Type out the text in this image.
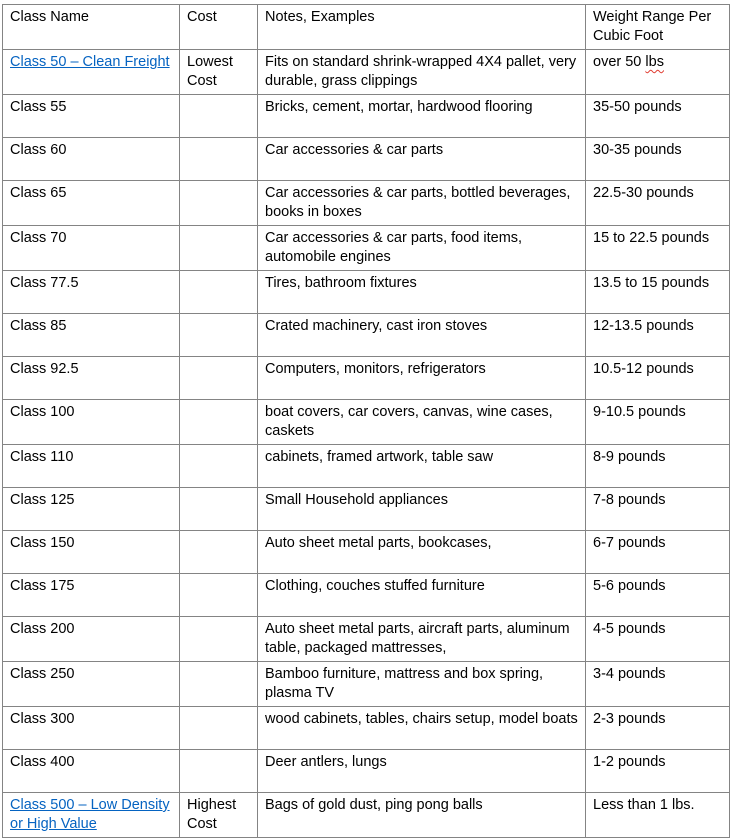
Class Name	Cost	Notes, Examples	Weight Range Per Cubic Foot
Class 50 – Clean Freight	Lowest Cost	Fits on standard shrink-wrapped 4X4 pallet, very durable, grass clippings	over 50 lbs
Class 55		Bricks, cement, mortar, hardwood flooring	35-50 pounds
Class 60		Car accessories & car parts	30-35 pounds
Class 65		Car accessories & car parts, bottled beverages, books in boxes	22.5-30 pounds
Class 70		Car accessories & car parts, food items, automobile engines	15 to 22.5 pounds
Class 77.5		Tires, bathroom fixtures	13.5 to 15 pounds
Class 85		Crated machinery, cast iron stoves	12-13.5 pounds
Class 92.5		Computers, monitors, refrigerators	10.5-12 pounds
Class 100		boat covers, car covers, canvas, wine cases, caskets	9-10.5 pounds
Class 110		cabinets, framed artwork, table saw	8-9 pounds
Class 125		Small Household appliances	7-8 pounds
Class 150		Auto sheet metal parts, bookcases,	6-7 pounds
Class 175		Clothing, couches stuffed furniture	5-6 pounds
Class 200		Auto sheet metal parts, aircraft parts, aluminum table, packaged mattresses,	4-5 pounds
Class 250		Bamboo furniture, mattress and box spring, plasma TV	3-4 pounds
Class 300		wood cabinets, tables, chairs setup, model boats	2-3 pounds
Class 400		Deer antlers, lungs	1-2 pounds
Class 500 – Low Density or High Value	Highest Cost	Bags of gold dust, ping pong balls	Less than 1 lbs.
